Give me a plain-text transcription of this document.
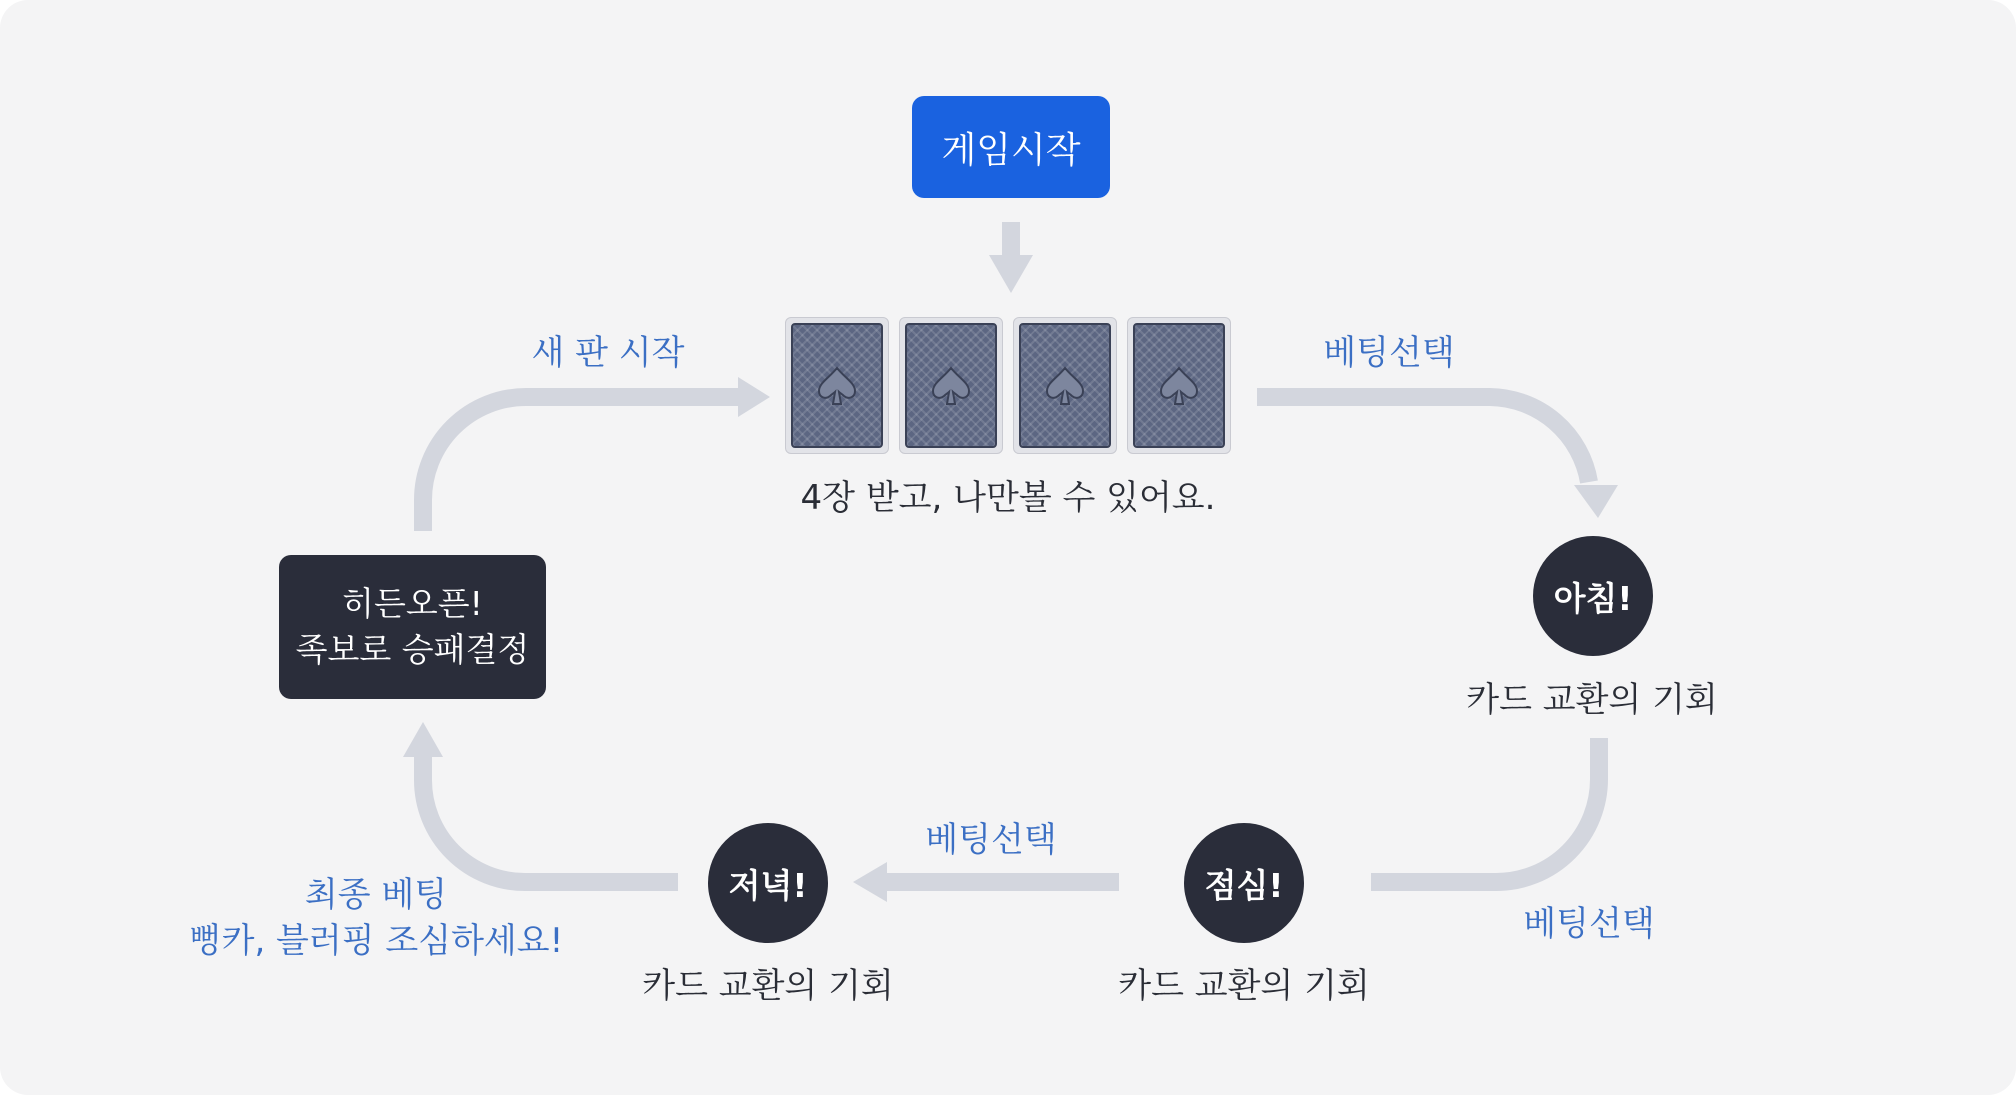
게임시작
4장 받고, 나만볼 수 있어요.
새 판 시작	베팅선택
아침!
카드 교환의 기회
베팅선택
점심!
카드 교환의 기회
베팅선택
저녁!
카드 교환의 기회
최종 베팅
뻥카, 블러핑 조심하세요!
히든오픈!
족보로 승패결정
